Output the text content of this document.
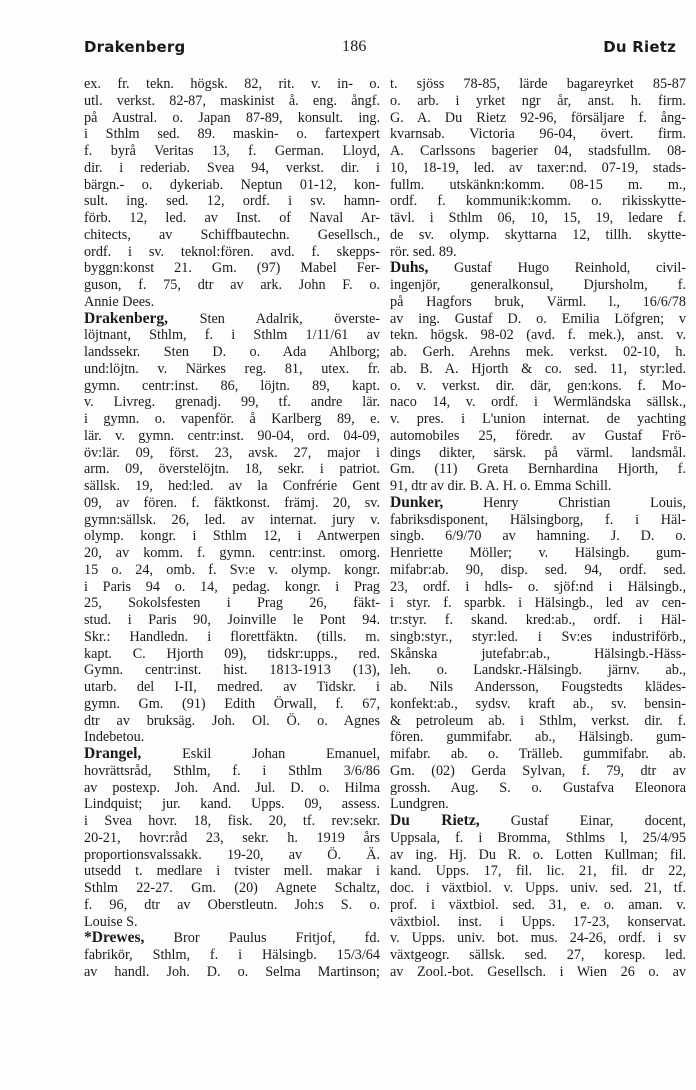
Drakenberg	186	Du Rietz
ex. fr. tekn. högsk. 82, rit. v. in- o.
utl. verkst. 82-87, maskinist å. eng. ångf.
på Austral. o. Japan 87-89, konsult. ing.
i Sthlm sed. 89. maskin- o. fartexpert
f. byrå Veritas 13, f. German. Lloyd,
dir. i rederiab. Svea 94, verkst. dir. i
bärgn.- o. dykeriab. Neptun 01-12, kon-
sult. ing. sed. 12, ordf. i sv. hamn-
förb. 12, led. av Inst. of Naval Ar-
chitects, av Schiffbautechn. Gesellsch.,
ordf. i sv. teknol:fören. avd. f. skepps-
byggn:konst 21. Gm. (97) Mabel Fer-
guson, f. 75, dtr av ark. John F. o.
Annie Dees.
Drakenberg, Sten Adalrik, överste-
löjtnant, Sthlm, f. i Sthlm 1/11/61 av
landssekr. Sten D. o. Ada Ahlborg;
und:löjtn. v. Närkes reg. 81, utex. fr.
gymn. centr:inst. 86, löjtn. 89, kapt.
v. Livreg. grenadj. 99, tf. andre lär.
i gymn. o. vapenför. å Karlberg 89, e.
lär. v. gymn. centr:inst. 90-04, ord. 04-09,
öv:lär. 09, först. 23, avsk. 27, major i
arm. 09, överstelöjtn. 18, sekr. i patriot.
sällsk. 19, hed:led. av la Confrérie Gent
09, av fören. f. fäktkonst. främj. 20, sv.
gymn:sällsk. 26, led. av internat. jury v.
olymp. kongr. i Sthlm 12, i Antwerpen
20, av komm. f. gymn. centr:inst. omorg.
15 o. 24, omb. f. Sv:e v. olymp. kongr.
i Paris 94 o. 14, pedag. kongr. i Prag
25, Sokolsfesten i Prag 26, fäkt-
stud. i Paris 90, Joinville le Pont 94.
Skr.: Handledn. i florettfäktn. (tills. m.
kapt. C. Hjorth 09), tidskr:upps., red.
Gymn. centr:inst. hist. 1813-1913 (13),
utarb. del I-II, medred. av Tidskr. i
gymn. Gm. (91) Edith Örwall, f. 67,
dtr av bruksäg. Joh. Ol. Ö. o. Agnes
Indebetou.
Drangel, Eskil Johan Emanuel,
hovrättsråd, Sthlm, f. i Sthlm 3/6/86
av postexp. Joh. And. Jul. D. o. Hilma
Lindquist; jur. kand. Upps. 09, assess.
i Svea hovr. 18, fisk. 20, tf. rev:sekr.
20-21, hovr:råd 23, sekr. h. 1919 års
proportionsvalssakk. 19-20, av Ö. Ä.
utsedd t. medlare i tvister mell. makar i
Sthlm 22-27. Gm. (20) Agnete Schaltz,
f. 96, dtr av Oberstleutn. Joh:s S. o.
Louise S.
*Drewes, Bror Paulus Fritjof, fd.
fabrikör, Sthlm, f. i Hälsingb. 15/3/64
av handl. Joh. D. o. Selma Martinson;
t. sjöss 78-85, lärde bagareyrket 85-87
o. arb. i yrket ngr år, anst. h. firm.
G. A. Du Rietz 92-96, försäljare f. ång-
kvarnsab. Victoria 96-04, övert. firm.
A. Carlssons bagerier 04, stadsfullm. 08-
10, 18-19, led. av taxer:nd. 07-19, stads-
fullm. utskänkn:komm. 08-15 m. m.,
ordf. f. kommunik:komm. o. rikisskytte-
tävl. i Sthlm 06, 10, 15, 19, ledare f.
de sv. olymp. skyttarna 12, tillh. skytte-
rör. sed. 89.
Duhs, Gustaf Hugo Reinhold, civil-
ingenjör, generalkonsul, Djursholm, f.
på Hagfors bruk, Värml. l., 16/6/78
av ing. Gustaf D. o. Emilia Löfgren; v
tekn. högsk. 98-02 (avd. f. mek.), anst. v.
ab. Gerh. Arehns mek. verkst. 02-10, h.
ab. B. A. Hjorth & co. sed. 11, styr:led.
o. v. verkst. dir. där, gen:kons. f. Mo-
naco 14, v. ordf. i Wermländska sällsk.,
v. pres. i L'union internat. de yachting
automobiles 25, föredr. av Gustaf Frö-
dings dikter, särsk. på värml. landsmål.
Gm. (11) Greta Bernhardina Hjorth, f.
91, dtr av dir. B. A. H. o. Emma Schill.
Dunker, Henry Christian Louis,
fabriksdisponent, Hälsingborg, f. i Häl-
singb. 6/9/70 av hamning. J. D. o.
Henriette Möller; v. Hälsingb. gum-
mifabr:ab. 90, disp. sed. 94, ordf. sed.
23, ordf. i hdls- o. sjöf:nd i Hälsingb.,
i styr. f. sparbk. i Hälsingb., led av cen-
tr:styr. f. skand. kred:ab., ordf. i Häl-
singb:styr., styr:led. i Sv:es industriförb.,
Skånska jutefabr:ab., Hälsingb.-Häss-
leh. o. Landskr.-Hälsingb. järnv. ab.,
ab. Nils Andersson, Fougstedts klädes-
konfekt:ab., sydsv. kraft ab., sv. bensin-
& petroleum ab. i Sthlm, verkst. dir. f.
fören. gummifabr. ab., Hälsingb. gum-
mifabr. ab. o. Trälleb. gummifabr. ab.
Gm. (02) Gerda Sylvan, f. 79, dtr av
grossh. Aug. S. o. Gustafva Eleonora
Lundgren.
Du Rietz, Gustaf Einar, docent,
Uppsala, f. i Bromma, Sthlms l, 25/4/95
av ing. Hj. Du R. o. Lotten Kullman; fil.
kand. Upps. 17, fil. lic. 21, fil. dr 22,
doc. i växtbiol. v. Upps. univ. sed. 21, tf.
prof. i växtbiol. sed. 31, e. o. aman. v.
växtbiol. inst. i Upps. 17-23, konservat.
v. Upps. univ. bot. mus. 24-26, ordf. i sv
växtgeogr. sällsk. sed. 27, koresp. led.
av Zool.-bot. Gesellsch. i Wien 26 o. av
